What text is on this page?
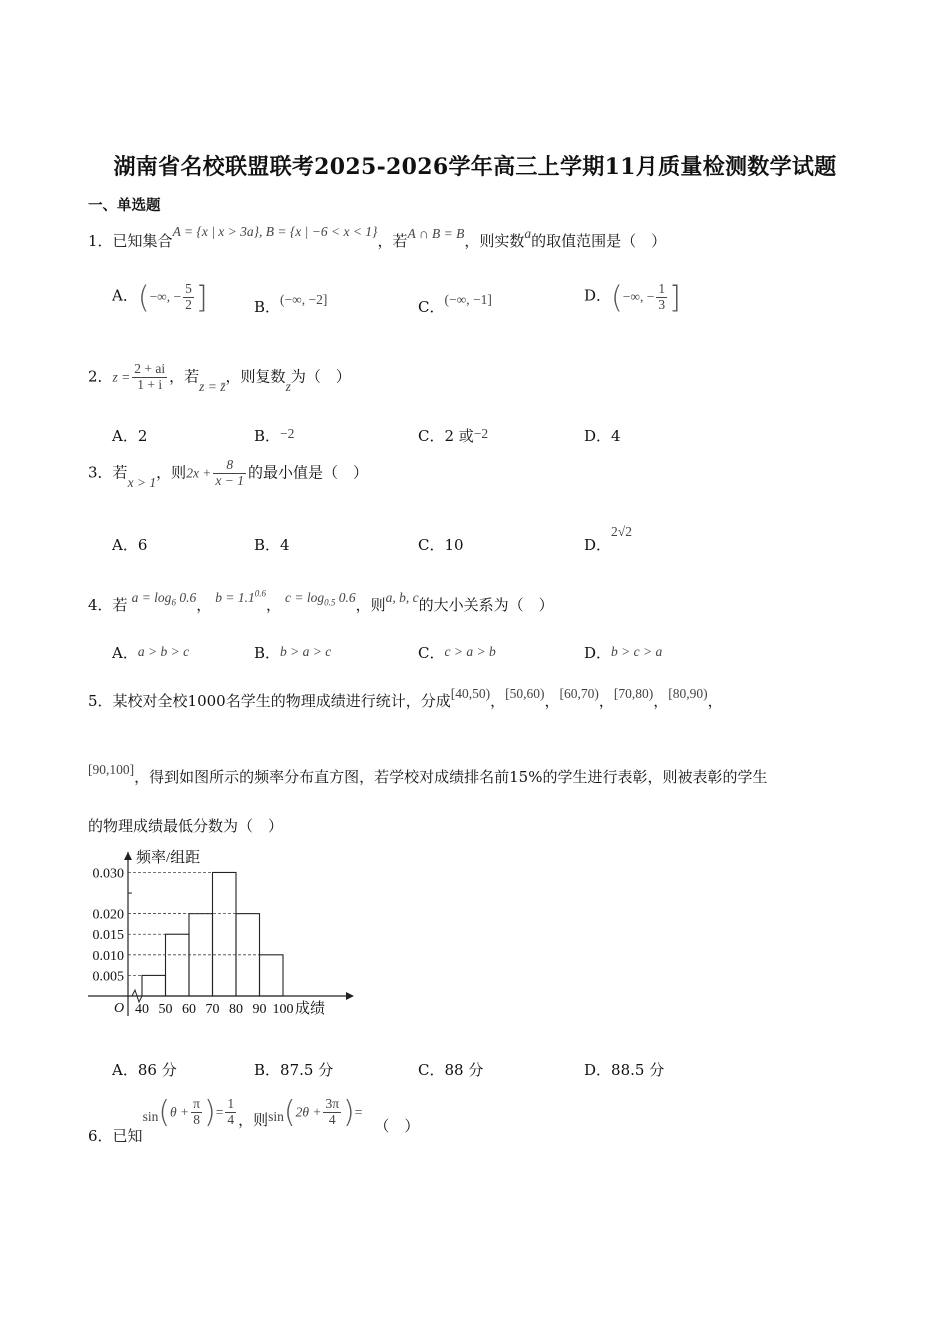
湖南省名校联盟联考2025-2026学年高三上学期11月质量检测数学试题
一、单选题
1．已知集合A = {x | x > 3a}, B = {x | −6 < x < 1}，若A ∩ B = B，则实数a的取值范围是（　）
A．(−∞, − $\frac{5}{2}$ ]	B．(−∞, −2]	C．(−∞, −1]	D．(−∞, − $\frac{1}{3}$ ]
2．$z = \frac{2 + ai}{1 + i}$ ，若z = z̄，则复数z为（　）
A．2	B．−2	C．2 或−2	D．4
3．若x > 1，则$2x + \frac{8}{x - 1}$ 的最小值是（　）
A．6	B．4	C．10	D．2√2
4．若 $a = \log_6 0.6$， $b = 1.1^{0.6}$， $c = \log_{0.5} 0.6$，则a, b, c的大小关系为（　）
A．a > b > c	B．b > a > c	C．c > a > b	D．b > c > a
5．某校对全校1000名学生的物理成绩进行统计，分成[40,50)，[50,60)，[60,70)，[70,80)，[80,90)，
[90,100]，得到如图所示的频率分布直方图，若学校对成绩排名前15%的学生进行表彰，则被表彰的学生
的物理成绩最低分数为（　）
频率/组距
O
0.005
0.010
0.015
0.020
0.030
40 50 60 70 80 90 100 成绩
A．86 分	B．87.5 分	C．88 分	D．88.5 分
6．已知$\sin(\theta + \frac{\pi}{8}$ )= $\frac{1}{4}$ ，则$\sin(2\theta + \frac{3\pi}{4}$ )=（　）
